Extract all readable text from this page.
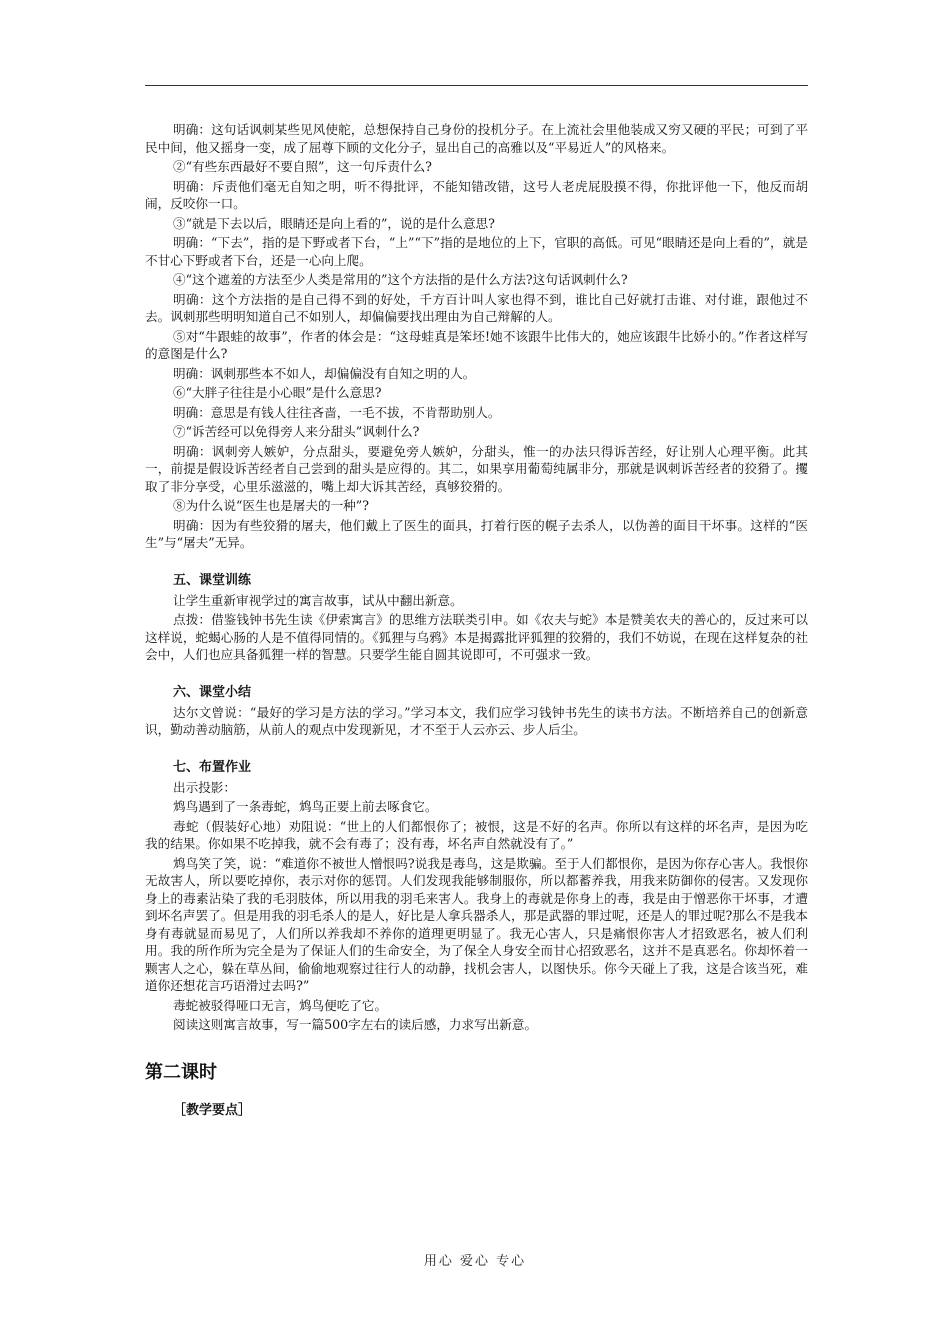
明确：这句话讽刺某些见风使舵，总想保持自己身份的投机分子。在上流社会里他装成又穷又硬的平民；可到了平民中间，他又摇身一变，成了屈尊下顾的文化分子，显出自己的高雅以及“平易近人”的风格来。

②“有些东西最好不要自照”，这一句斥责什么?

明确：斥责他们毫无自知之明，听不得批评，不能知错改错，这号人老虎屁股摸不得，你批评他一下，他反而胡闹，反咬你一口。

③“就是下去以后，眼睛还是向上看的”，说的是什么意思?

明确：“下去”，指的是下野或者下台，“上”“下”指的是地位的上下，官职的高低。可见“眼睛还是向上看的”，就是不甘心下野或者下台，还是一心向上爬。

④“这个遮羞的方法至少人类是常用的”这个方法指的是什么方法?这句话讽刺什么?

明确：这个方法指的是自己得不到的好处，千方百计叫人家也得不到，谁比自己好就打击谁、对付谁，跟他过不去。讽刺那些明明知道自己不如别人，却偏偏要找出理由为自己辩解的人。

⑤对“牛跟蛙的故事”，作者的体会是：“这母蛙真是笨坯!她不该跟牛比伟大的，她应该跟牛比娇小的。”作者这样写的意图是什么?

明确：讽刺那些本不如人，却偏偏没有自知之明的人。

⑥“大胖子往往是小心眼”是什么意思?

明确：意思是有钱人往往吝啬，一毛不拔，不肯帮助别人。

⑦“诉苦经可以免得旁人来分甜头”讽刺什么?

明确：讽刺旁人嫉妒，分点甜头，要避免旁人嫉妒，分甜头，惟一的办法只得诉苦经，好让别人心理平衡。此其一，前提是假设诉苦经者自己尝到的甜头是应得的。其二，如果享用葡萄纯属非分，那就是讽刺诉苦经者的狡猾了。攫取了非分享受，心里乐滋滋的，嘴上却大诉其苦经，真够狡猾的。

⑧为什么说“医生也是屠夫的一种”?

明确：因为有些狡猾的屠夫，他们戴上了医生的面具，打着行医的幌子去杀人，以伪善的面目干坏事。这样的“医生”与“屠夫”无异。

五、课堂训练

让学生重新审视学过的寓言故事，试从中翻出新意。

点拨：借鉴钱钟书先生读《伊索寓言》的思维方法联类引申。如《农夫与蛇》本是赞美农夫的善心的，反过来可以这样说，蛇蝎心肠的人是不值得同情的。《狐狸与乌鸦》本是揭露批评狐狸的狡猾的，我们不妨说，在现在这样复杂的社会中，人们也应具备狐狸一样的智慧。只要学生能自圆其说即可，不可强求一致。

六、课堂小结

达尔文曾说：“最好的学习是方法的学习。”学习本文，我们应学习钱钟书先生的读书方法。不断培养自己的创新意识，勤动善动脑筋，从前人的观点中发现新见，才不至于人云亦云、步人后尘。

七、布置作业

出示投影：

鸩鸟遇到了一条毒蛇，鸩鸟正要上前去啄食它。

毒蛇（假装好心地）劝阻说：“世上的人们都恨你了；被恨，这是不好的名声。你所以有这样的坏名声，是因为吃我的结果。你如果不吃掉我，就不会有毒了；没有毒，坏名声自然就没有了。”

鸩鸟笑了笑，说：“难道你不被世人憎恨吗?说我是毒鸟，这是欺骗。至于人们都恨你，是因为你存心害人。我恨你无故害人，所以要吃掉你，表示对你的惩罚。人们发现我能够制服你，所以都蓄养我，用我来防御你的侵害。又发现你身上的毒素沾染了我的毛羽肢体，所以用我的羽毛来害人。我身上的毒就是你身上的毒，我是由于憎恶你干坏事，才遭到坏名声罢了。但是用我的羽毛杀人的是人，好比是人拿兵器杀人，那是武器的罪过呢，还是人的罪过呢?那么不是我本身有毒就显而易见了，人们所以养我却不养你的道理更明显了。我无心害人，只是痛恨你害人才招致恶名，被人们利用。我的所作所为完全是为了保证人们的生命安全，为了保全人身安全而甘心招致恶名，这并不是真恶名。你却怀着一颗害人之心，躲在草丛间，偷偷地观察过往行人的动静，找机会害人，以图快乐。你今天碰上了我，这是合该当死，难道你还想花言巧语滑过去吗?”

毒蛇被驳得哑口无言，鸩鸟便吃了它。

阅读这则寓言故事，写一篇500字左右的读后感，力求写出新意。

第二课时
［教学要点］
用心 爱心 专心
